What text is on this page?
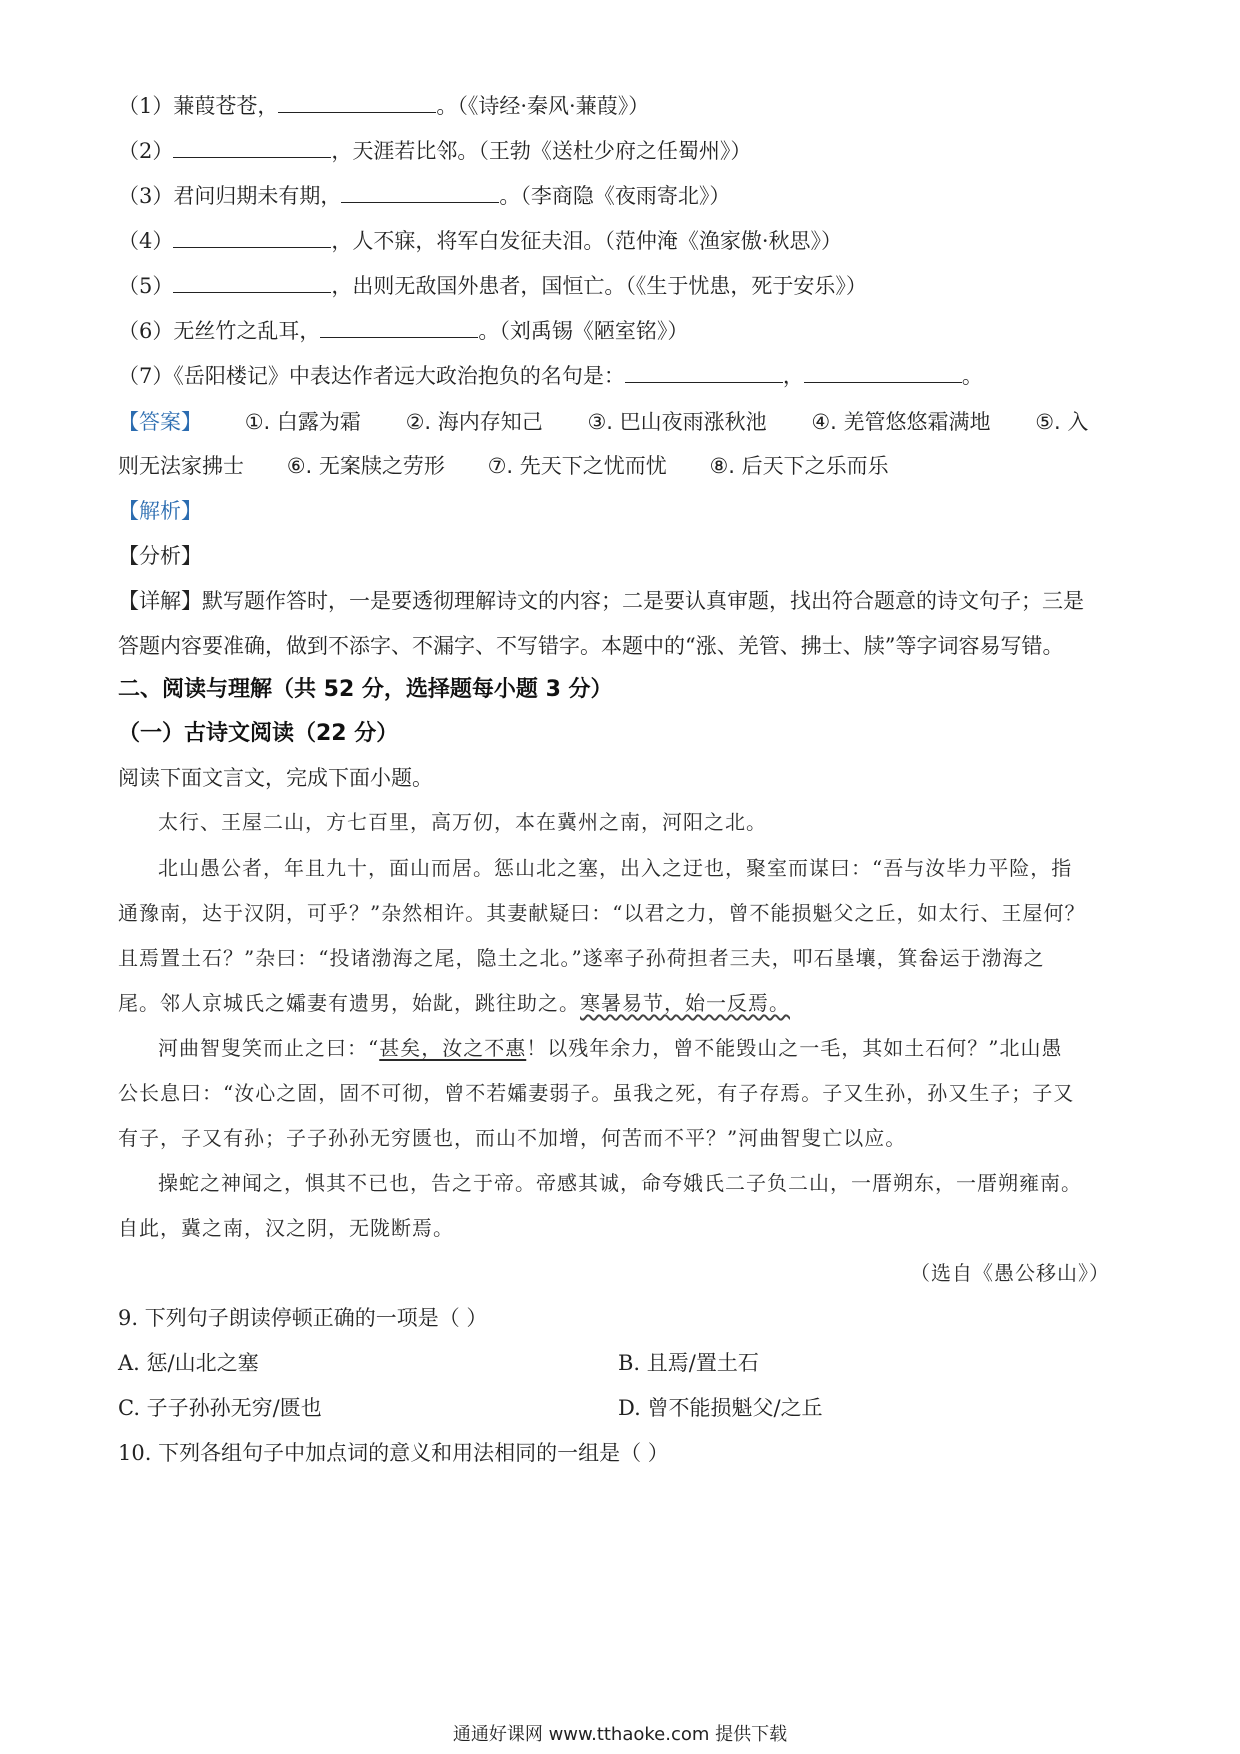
（1）蒹葭苍苍，	。（《诗经·秦风·蒹葭》）
（2）	，天涯若比邻。（王勃《送杜少府之任蜀州》）
（3）君问归期未有期，	。（李商隐《夜雨寄北》）
（4）	，人不寐，将军白发征夫泪。（范仲淹《渔家傲·秋思》）
（5）	，出则无敌国外患者，国恒亡。（《生于忧患，死于安乐》）
（6）无丝竹之乱耳，	。（刘禹锡《陋室铭》）
（7）《岳阳楼记》中表达作者远大政治抱负的名句是：	，	。
【答案】 ①. 白露为霜 ②. 海内存知己 ③. 巴山夜雨涨秋池 ④. 羌管悠悠霜满地 ⑤. 入
则无法家拂士 ⑥. 无案牍之劳形 ⑦. 先天下之忧而忧 ⑧. 后天下之乐而乐
【解析】
【分析】
【详解】默写题作答时，一是要透彻理解诗文的内容；二是要认真审题，找出符合题意的诗文句子；三是
答题内容要准确，做到不添字、不漏字、不写错字。本题中的“涨、羌管、拂士、牍”等字词容易写错。
二、阅读与理解（共 52 分，选择题每小题 3 分）
（一）古诗文阅读（22 分）
阅读下面文言文，完成下面小题。
太行、王屋二山，方七百里，高万仞，本在冀州之南，河阳之北。
北山愚公者，年且九十，面山而居。惩山北之塞，出入之迂也，聚室而谋曰：“吾与汝毕力平险，指
通豫南，达于汉阴，可乎？”杂然相许。其妻献疑曰：“以君之力，曾不能损魁父之丘，如太行、王屋何？
且焉置土石？”杂曰：“投诸渤海之尾，隐土之北。”遂率子孙荷担者三夫，叩石垦壤，箕畚运于渤海之
尾。邻人京城氏之孀妻有遗男，始龀，跳往助之。寒暑易节，始一反焉。
河曲智叟笑而止之曰：“甚矣，汝之不惠！以残年余力，曾不能毁山之一毛，其如土石何？”北山愚
公长息曰：“汝心之固，固不可彻，曾不若孀妻弱子。虽我之死，有子存焉。子又生孙，孙又生子；子又
有子，子又有孙；子子孙孙无穷匮也，而山不加增，何苦而不平？”河曲智叟亡以应。
操蛇之神闻之，惧其不已也，告之于帝。帝感其诚，命夸娥氏二子负二山，一厝朔东，一厝朔雍南。
自此，冀之南，汉之阴，无陇断焉。
（选自《愚公移山》）
9. 下列句子朗读停顿正确的一项是（ ）
A. 惩/山北之塞	B. 且焉/置土石
C. 子子孙孙无穷/匮也	D. 曾不能损魁父/之丘
10. 下列各组句子中加点词的意义和用法相同的一组是（ ）
通通好课网 www.tthaoke.com 提供下载
